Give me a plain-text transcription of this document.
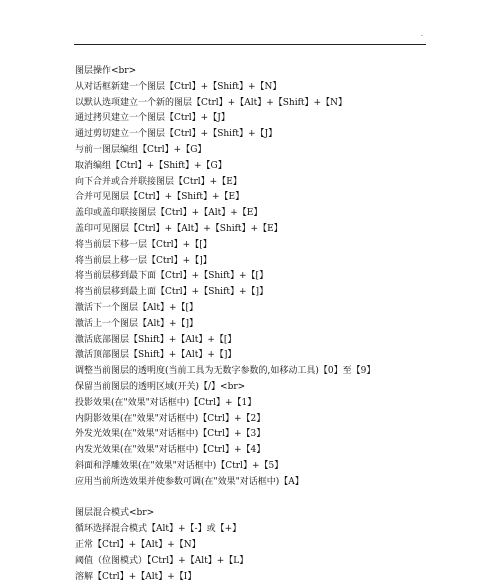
·
图层操作<br>
从对话框新建一个图层【Ctrl】+【Shift】+【N】
以默认选项建立一个新的图层【Ctrl】+【Alt】+【Shift】+【N】
通过拷贝建立一个图层【Ctrl】+【J】
通过剪切建立一个图层【Ctrl】+【Shift】+【J】
与前一图层编组【Ctrl】+【G】
取消编组【Ctrl】+【Shift】+【G】
向下合并或合并联接图层【Ctrl】+【E】
合并可见图层【Ctrl】+【Shift】+【E】
盖印或盖印联接图层【Ctrl】+【Alt】+【E】
盖印可见图层【Ctrl】+【Alt】+【Shift】+【E】
将当前层下移一层【Ctrl】+【[】
将当前层上移一层【Ctrl】+【]】
将当前层移到最下面【Ctrl】+【Shift】+【[】
将当前层移到最上面【Ctrl】+【Shift】+【]】
激活下一个图层【Alt】+【[】
激活上一个图层【Alt】+【]】
激活底部图层【Shift】+【Alt】+【[】
激活顶部图层【Shift】+【Alt】+【]】
调整当前图层的透明度(当前工具为无数字参数的,如移动工具)【0】至【9】
保留当前图层的透明区域(开关)【/】<br>
投影效果(在"效果"对话框中)【Ctrl】+【1】
内阴影效果(在"效果"对话框中)【Ctrl】+【2】
外发光效果(在"效果"对话框中)【Ctrl】+【3】
内发光效果(在"效果"对话框中)【Ctrl】+【4】
斜面和浮雕效果(在"效果"对话框中)【Ctrl】+【5】
应用当前所选效果并使参数可调(在"效果"对话框中)【A】
图层混合模式<br>
循环选择混合模式【Alt】+【-】或【+】
正常【Ctrl】+【Alt】+【N】
阈值（位图模式）【Ctrl】+【Alt】+【L】
溶解【Ctrl】+【Alt】+【I】
